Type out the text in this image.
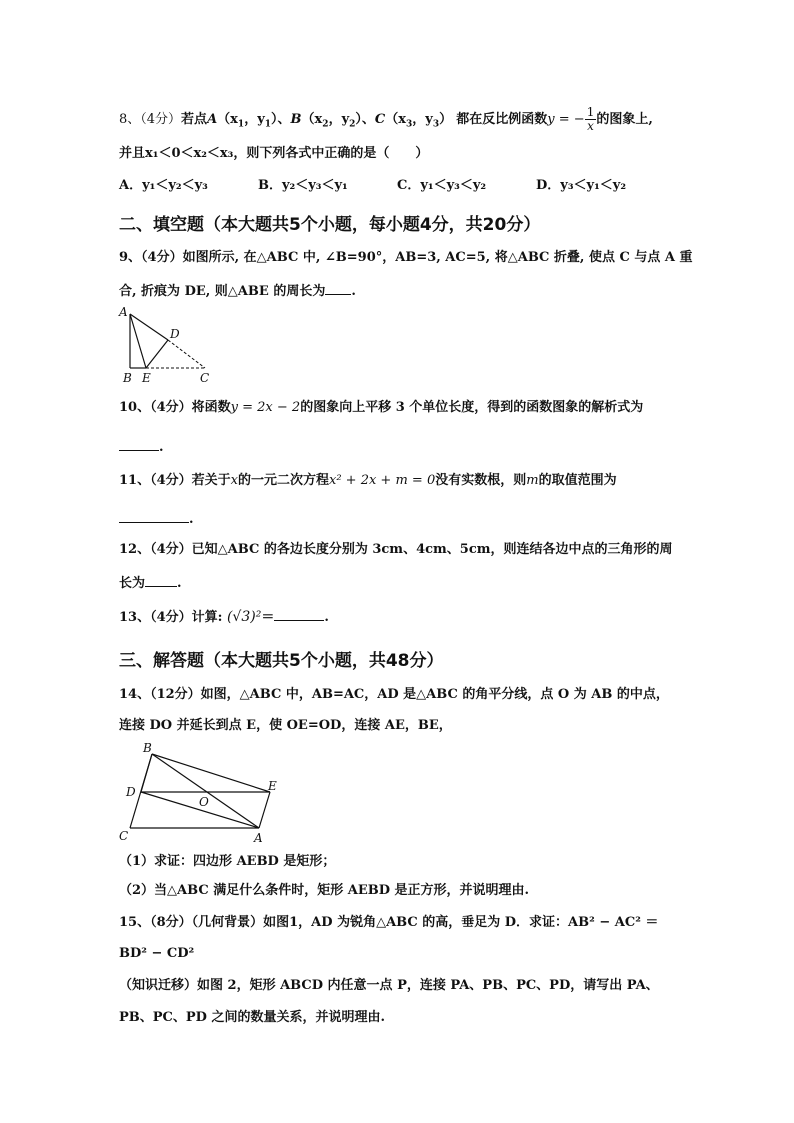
8、（4分）若点$A(x_1$，$y_1$）、$B(x_2$，$y_2$）、$C(x_3$，$y_3$） 都在反比例函数y = − $\frac{1}{x}$ 的图象上,
并且x₁＜0＜x₂＜x₃，则下列各式中正确的是（　　）
A．y₁＜y₂＜y₃	B．y₂＜y₃＜y₁	C．y₁＜y₃＜y₂	D．y₃＜y₁＜y₂
二、填空题（本大题共5个小题，每小题4分，共20分）
9、（4分）如图所示, 在△ABC 中, ∠B=90°，AB=3, AC=5, 将△ABC 折叠, 使点 C 与点 A 重
合, 折痕为 DE, 则△ABE 的周长为 .
A
D
B E	C
10、（4分）将函数y = 2x − 2的图象向上平移 3 个单位长度，得到的函数图象的解析式为
.
11、（4分）若关于x的一元二次方程x² + 2x + m = 0没有实数根，则m的取值范围为
.
12、（4分）已知△ABC 的各边长度分别为 3cm、4cm、5cm，则连结各边中点的三角形的周
长为 .
13、（4分）计算: (√3)²＝	.
三、解答题（本大题共5个小题，共48分）
14、（12分）如图，△ABC 中，AB=AC，AD 是△ABC 的角平分线，点 O 为 AB 的中点，
连接 DO 并延长到点 E，使 OE=OD，连接 AE，BE，
B
D
O
E
C	A
（1）求证：四边形 AEBD 是矩形；
（2）当△ABC 满足什么条件时，矩形 AEBD 是正方形，并说明理由.
15、（8分）（几何背景）如图1，AD 为锐角△ABC 的高，垂足为 D．求证：AB² − AC² ＝
BD² − CD²
（知识迁移）如图 2，矩形 ABCD 内任意一点 P，连接 PA、PB、PC、PD，请写出 PA、
PB、PC、PD 之间的数量关系，并说明理由.
